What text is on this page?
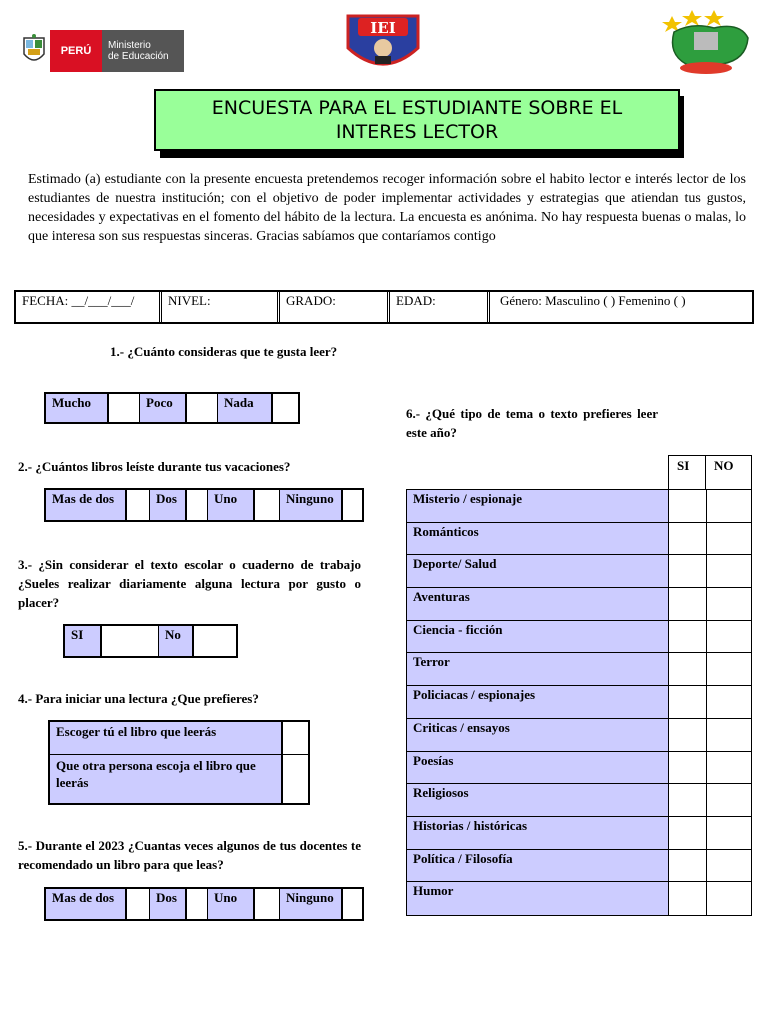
PERÚ	Ministerio
de Educación
IEI
HUARIACA
ENCUESTA PARA EL ESTUDIANTE SOBRE EL
INTERES LECTOR
Estimado (a) estudiante con la presente encuesta pretendemos recoger información sobre el habito lector e interés lector de los estudiantes de nuestra institución; con el objetivo de poder implementar actividades y estrategias que atiendan tus gustos, necesidades y expectativas en el fomento del hábito de la lectura. La encuesta es anónima. No hay respuesta buenas o malas, lo que interesa son sus respuestas sinceras. Gracias sabíamos que contaríamos contigo
FECHA: __/___/___/	NIVEL:	GRADO:	EDAD:	Género: Masculino ( ) Femenino ( )
1.- ¿Cuánto consideras que te gusta leer?
Mucho	Poco	Nada
2.- ¿Cuántos libros leíste durante tus vacaciones?
Mas de dos	Dos	Uno	Ninguno
3.- ¿Sin considerar el texto escolar o cuaderno de trabajo ¿Sueles realizar diariamente alguna lectura por gusto o placer?
SI	No
4.- Para iniciar una lectura ¿Que prefieres?
Escoger tú el libro que leerás
Que otra persona escoja el libro que leerás
5.- Durante el 2023 ¿Cuantas veces algunos de tus docentes te recomendado un libro para que leas?
Mas de dos	Dos	Uno	Ninguno
6.- ¿Qué tipo de tema o texto prefieres leer este año?
SI	NO
Misterio / espionaje
Románticos
Deporte/ Salud
Aventuras
Ciencia - ficción
Terror
Policiacas / espionajes
Criticas / ensayos
Poesías
Religiosos
Historias / históricas
Política / Filosofía
Humor
